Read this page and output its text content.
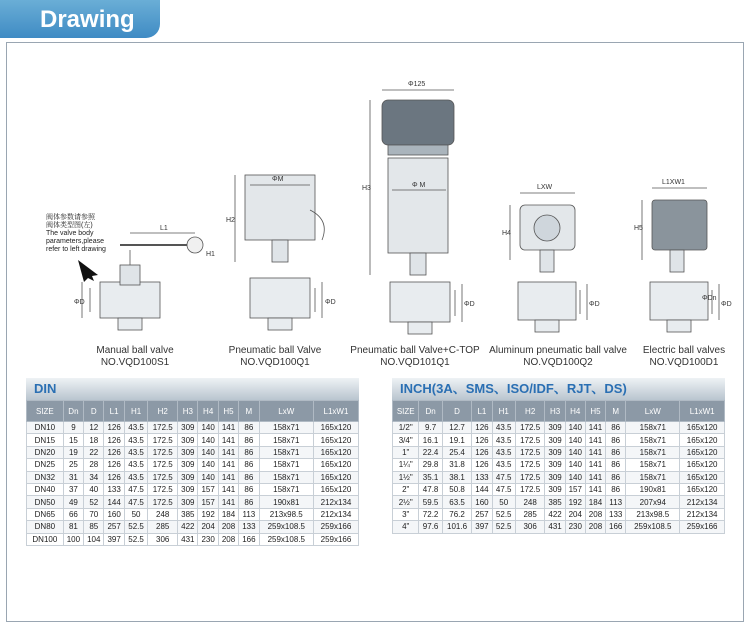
Drawing
L1
H1
ΦD
H2
ΦM
ΦD
H3
Φ125
Φ M
ΦD
H4
LXW
ΦD
H5
L1XW1
ΦD
ΦDn
阀体参数请参照
阀体类型图(左)
The valve body
parameters,please
refer to left drawing
Manual ball valve
NO.VQD100S1
Pneumatic ball Valve
NO.VQD100Q1
Pneumatic ball Valve+C-TOP
NO.VQD101Q1
Aluminum pneumatic ball valve
NO.VQD100Q2
Electric ball valves
NO.VQD100D1
DIN
SIZE	Dn	D	L1	H1	H2	H3	H4	H5	M	LxW	L1xW1
DN10	9	12	126	43.5	172.5	309	140	141	86	158x71	165x120
DN15	15	18	126	43.5	172.5	309	140	141	86	158x71	165x120
DN20	19	22	126	43.5	172.5	309	140	141	86	158x71	165x120
DN25	25	28	126	43.5	172.5	309	140	141	86	158x71	165x120
DN32	31	34	126	43.5	172.5	309	140	141	86	158x71	165x120
DN40	37	40	133	47.5	172.5	309	157	141	86	158x71	165x120
DN50	49	52	144	47.5	172.5	309	157	141	86	190x81	212x134
DN65	66	70	160	50	248	385	192	184	113	213x98.5	212x134
DN80	81	85	257	52.5	285	422	204	208	133	259x108.5	259x166
DN100	100	104	397	52.5	306	431	230	208	166	259x108.5	259x166
INCH(3A、SMS、ISO/IDF、RJT、DS)
SIZE	Dn	D	L1	H1	H2	H3	H4	H5	M	LxW	L1xW1
1/2"	9.7	12.7	126	43.5	172.5	309	140	141	86	158x71	165x120
3/4"	16.1	19.1	126	43.5	172.5	309	140	141	86	158x71	165x120
1"	22.4	25.4	126	43.5	172.5	309	140	141	86	158x71	165x120
1¼"	29.8	31.8	126	43.5	172.5	309	140	141	86	158x71	165x120
1½"	35.1	38.1	133	47.5	172.5	309	140	141	86	158x71	165x120
2"	47.8	50.8	144	47.5	172.5	309	157	141	86	190x81	165x120
2½"	59.5	63.5	160	50	248	385	192	184	113	207x94	212x134
3"	72.2	76.2	257	52.5	285	422	204	208	133	213x98.5	212x134
4"	97.6	101.6	397	52.5	306	431	230	208	166	259x108.5	259x166
